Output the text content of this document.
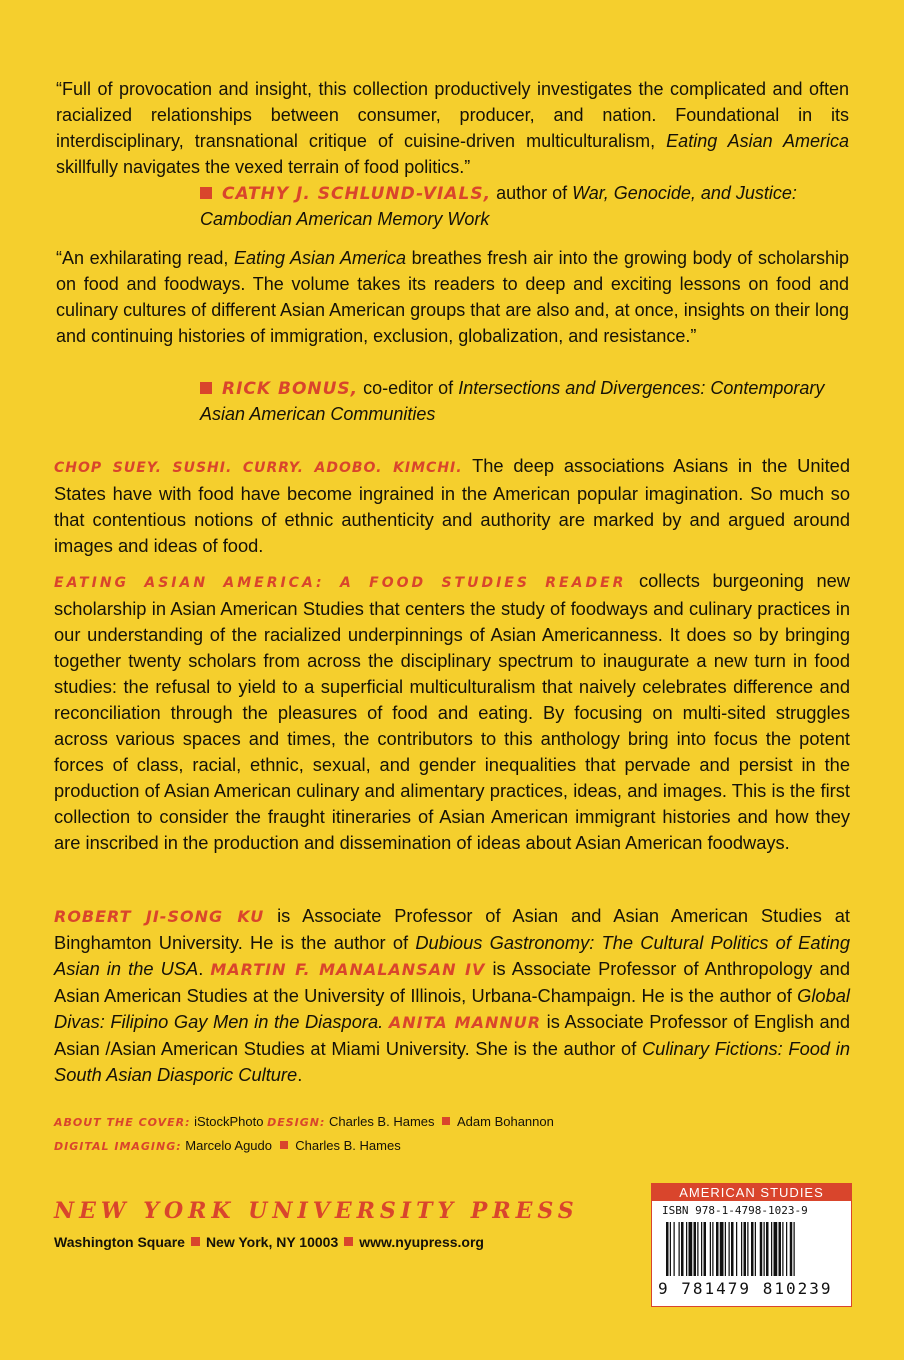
“Full of provocation and insight, this collection productively investigates the complicated and often racialized relationships between consumer, producer, and nation. Foundational in its interdisciplinary, transnational critique of cuisine-driven multiculturalism, Eating Asian America skillfully navigates the vexed terrain of food politics.”
CATHY J. SCHLUND-VIALS, author of War, Genocide, and Justice: Cambodian American Memory Work
“An exhilarating read, Eating Asian America breathes fresh air into the growing body of scholarship on food and foodways. The volume takes its readers to deep and exciting lessons on food and culinary cultures of different Asian American groups that are also and, at once, insights on their long and continuing histories of immigration, exclusion, globalization, and resistance.”
RICK BONUS, co-editor of Intersections and Divergences: Contemporary Asian American Communities
CHOP SUEY. SUSHI. CURRY. ADOBO. KIMCHI. The deep associations Asians in the United States have with food have become ingrained in the American popular imagination. So much so that contentious notions of ethnic authenticity and authority are marked by and argued around images and ideas of food.
EATING ASIAN AMERICA: A FOOD STUDIES READER collects burgeoning new scholarship in Asian American Studies that centers the study of foodways and culinary practices in our understanding of the racialized underpinnings of Asian Americanness. It does so by bringing together twenty scholars from across the disciplinary spectrum to inaugurate a new turn in food studies: the refusal to yield to a superficial multiculturalism that naively celebrates difference and reconciliation through the pleasures of food and eating. By focusing on multi-sited struggles across various spaces and times, the contributors to this anthology bring into focus the potent forces of class, racial, ethnic, sexual, and gender inequalities that pervade and persist in the production of Asian American culinary and alimentary practices, ideas, and images. This is the first collection to consider the fraught itineraries of Asian American immigrant histories and how they are inscribed in the production and dissemination of ideas about Asian American foodways.
ROBERT JI-SONG KU is Associate Professor of Asian and Asian American Studies at Binghamton University. He is the author of Dubious Gastronomy: The Cultural Politics of Eating Asian in the USA. MARTIN F. MANALANSAN IV is Associate Professor of Anthropology and Asian American Studies at the University of Illinois, Urbana-Champaign. He is the author of Global Divas: Filipino Gay Men in the Diaspora. ANITA MANNUR is Associate Professor of English and Asian /Asian American Studies at Miami University. She is the author of Culinary Fictions: Food in South Asian Diasporic Culture.
ABOUT THE COVER: iStockPhoto DESIGN: Charles B. Hames  Adam Bohannon
DIGITAL IMAGING: Marcelo Agudo  Charles B. Hames
NEW YORK UNIVERSITY PRESS
Washington Square New York, NY 10003 www.nyupress.org
AMERICAN STUDIES
ISBN 978-1-4798-1023-9
9 781479 810239
